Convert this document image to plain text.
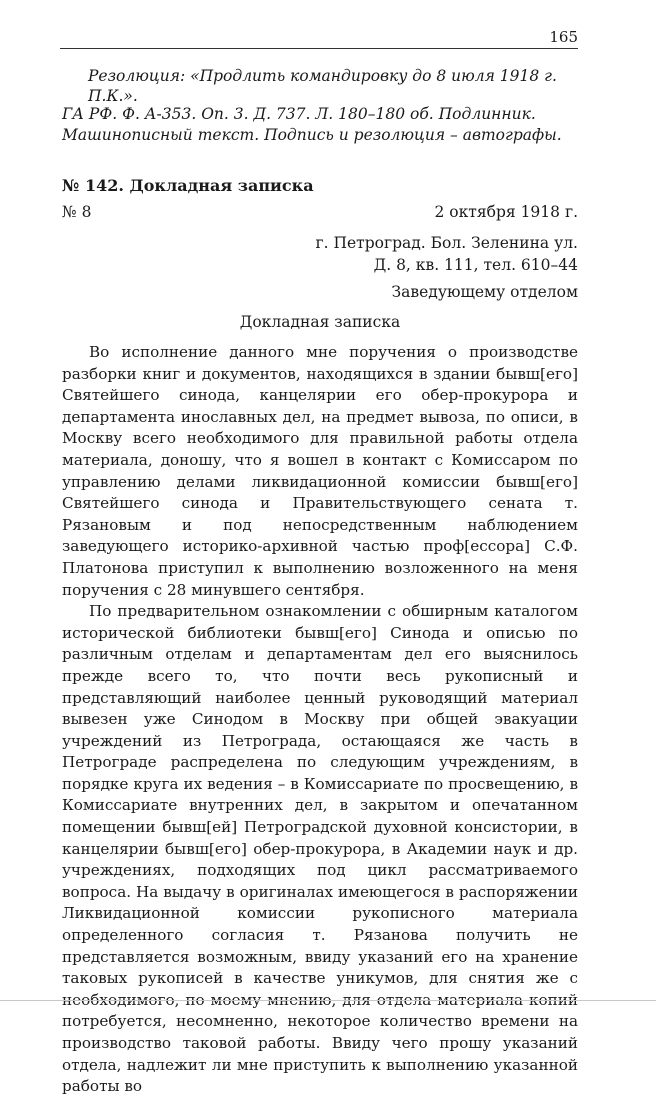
165
Резолюция: «Продлить командировку до 8 июля 1918 г. П.К.».
ГА РФ. Ф. А-353. Оп. 3. Д. 737. Л. 180–180 об. Подлинник. Машинописный текст. Подпись и резолюция – автографы.
№ 142. Докладная записка
№ 8	2 октября 1918 г.
г. Петроград. Бол. Зеленина ул.
Д. 8, кв. 111, тел. 610–44
Заведующему отделом
Докладная записка

Во исполнение данного мне поручения о производстве разборки книг и документов, находящихся в здании бывш[его] Святейшего синода, канцелярии его обер-прокурора и департамента инославных дел, на предмет вывоза, по описи, в Москву всего необходимого для правильной работы отдела материала, доношу, что я вошел в контакт с Комиссаром по управлению делами ликвидационной комиссии бывш[его] Святейшего синода и Правительствующего сената т. Рязановым и под непосредственным наблюдением заведующего историко-архивной частью проф[ессора] С.Ф. Платонова приступил к выполнению возложенного на меня поручения с 28 минувшего сентября.

По предварительном ознакомлении с обширным каталогом исторической библиотеки бывш[его] Синода и описью по различным отделам и департаментам дел его выяснилось прежде всего то, что почти весь рукописный и представляющий наиболее ценный руководящий материал вывезен уже Синодом в Москву при общей эвакуации учреждений из Петрограда, остающаяся же часть в Петрограде распределена по следующим учреждениям, в порядке круга их ведения – в Комиссариате по просвещению, в Комиссариате внутренних дел, в закрытом и опечатанном помещении бывш[ей] Петроградской духовной консистории, в канцелярии бывш[его] обер-прокурора, в Академии наук и др. учреждениях, подходящих под цикл рассматриваемого вопроса. На выдачу в оригиналах имеющегося в распоряжении Ликвидационной комиссии рукописного материала определенного согласия т. Рязанова получить не представляется возможным, ввиду указаний его на хранение таковых рукописей в качестве уникумов, для снятия же с необходимого, по моему мнению, для отдела материала копий потребуется, несомненно, некоторое количество времени на производство таковой работы. Ввиду чего прошу указаний отдела, надлежит ли мне приступить к выполнению указанной работы во
